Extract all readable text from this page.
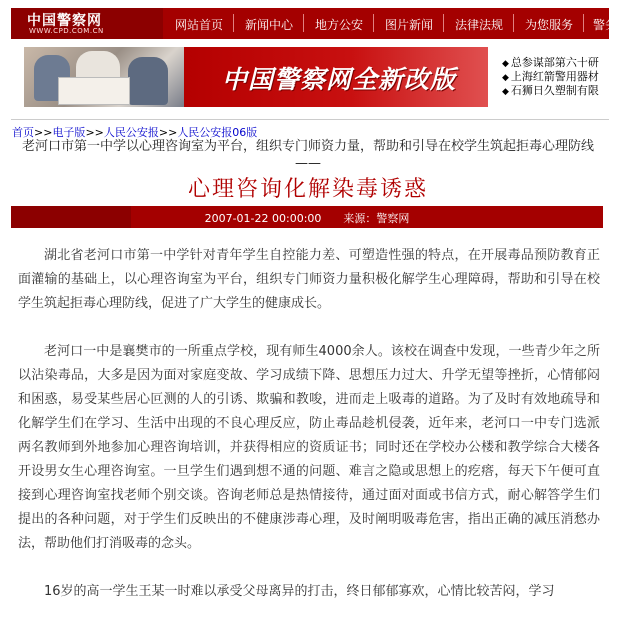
中国警察网
WWW.CPD.COM.CN	网站首页 新闻中心 地方公安 图片新闻 法律法规 为您服务 警务
中国警察网全新改版
◆ 总参谋部第六十研
◆ 上海红箭警用器材
◆ 石狮日久塑制有限
首页>>电子版>>人民公安报>>人民公安报06版
老河口市第一中学以心理咨询室为平台，组织专门师资力量，帮助和引导在校学生筑起拒毒心理防线——
心理咨询化解染毒诱惑
2007-01-22 00:00:00 来源：警察网

湖北省老河口市第一中学针对青年学生自控能力差、可塑造性强的特点，在开展毒品预防教育正面灌输的基础上，以心理咨询室为平台，组织专门师资力量积极化解学生心理障碍，帮助和引导在校学生筑起拒毒心理防线，促进了广大学生的健康成长。

老河口一中是襄樊市的一所重点学校，现有师生4000余人。该校在调查中发现，一些青少年之所以沾染毒品，大多是因为面对家庭变故、学习成绩下降、思想压力过大、升学无望等挫折，心情郁闷和困惑，易受某些居心叵测的人的引诱、欺骗和教唆，进而走上吸毒的道路。为了及时有效地疏导和化解学生们在学习、生活中出现的不良心理反应，防止毒品趁机侵袭，近年来，老河口一中专门选派两名教师到外地参加心理咨询培训，并获得相应的资质证书；同时还在学校办公楼和教学综合大楼各开设男女生心理咨询室。一旦学生们遇到想不通的问题、难言之隐或思想上的疙瘩，每天下午便可直接到心理咨询室找老师个别交谈。咨询老师总是热情接待，通过面对面或书信方式，耐心解答学生们提出的各种问题，对于学生们反映出的不健康涉毒心理，及时阐明吸毒危害，指出正确的减压消愁办法，帮助他们打消吸毒的念头。

16岁的高一学生王某一时难以承受父母离异的打击，终日郁郁寡欢，心情比较苦闷，学习
